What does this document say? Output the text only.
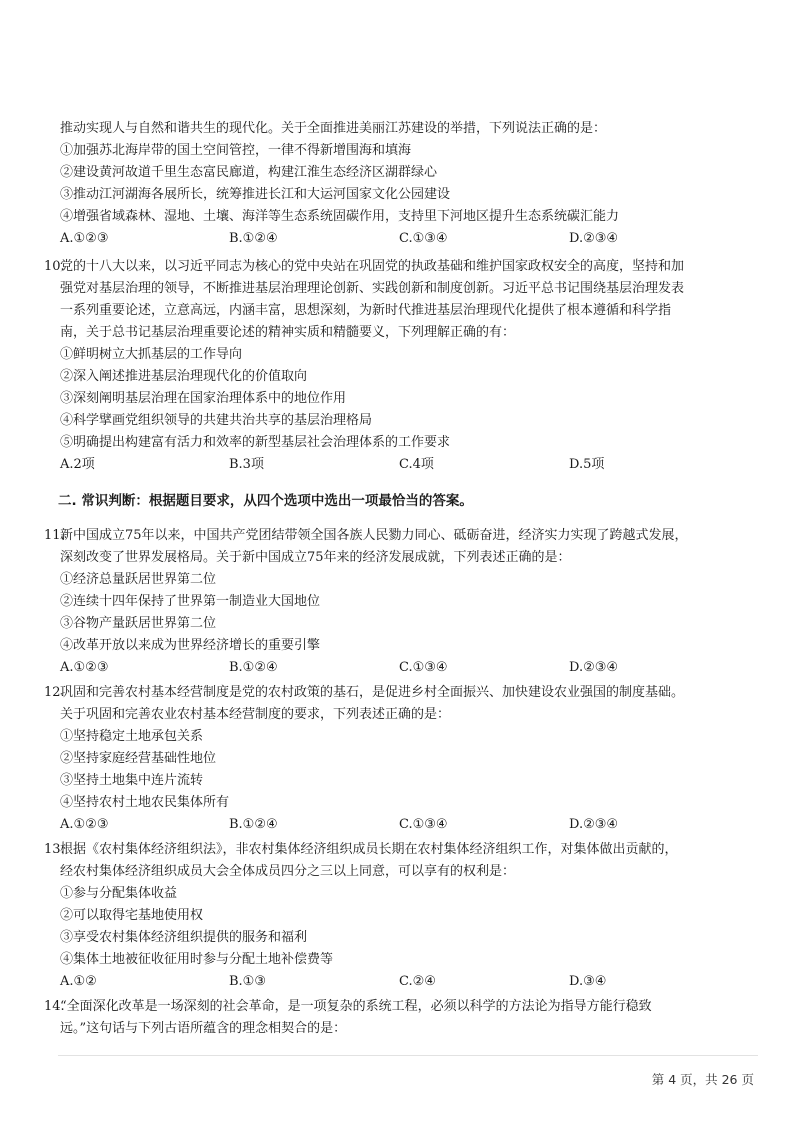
推动实现人与自然和谐共生的现代化。关于全面推进美丽江苏建设的举措，下列说法正确的是：
①加强苏北海岸带的国土空间管控，一律不得新增围海和填海
②建设黄河故道千里生态富民廊道，构建江淮生态经济区湖群绿心
③推动江河湖海各展所长，统筹推进长江和大运河国家文化公园建设
④增强省域森林、湿地、土壤、海洋等生态系统固碳作用，支持里下河地区提升生态系统碳汇能力
A.①②③	B.①②④	C.①③④	D.②③④
10.
党的十八大以来，以习近平同志为核心的党中央站在巩固党的执政基础和维护国家政权安全的高度，坚持和加
强党对基层治理的领导，不断推进基层治理理论创新、实践创新和制度创新。习近平总书记围绕基层治理发表
一系列重要论述，立意高远，内涵丰富，思想深刻，为新时代推进基层治理现代化提供了根本遵循和科学指
南，关于总书记基层治理重要论述的精神实质和精髓要义，下列理解正确的有：
①鲜明树立大抓基层的工作导向
②深入阐述推进基层治理现代化的价值取向
③深刻阐明基层治理在国家治理体系中的地位作用
④科学擘画党组织领导的共建共治共享的基层治理格局
⑤明确提出构建富有活力和效率的新型基层社会治理体系的工作要求
A.2项	B.3项	C.4项	D.5项
二. 常识判断：根据题目要求，从四个选项中选出一项最恰当的答案。
11.
新中国成立75年以来，中国共产党团结带领全国各族人民勠力同心、砥砺奋进，经济实力实现了跨越式发展，
深刻改变了世界发展格局。关于新中国成立75年来的经济发展成就，下列表述正确的是：
①经济总量跃居世界第二位
②连续十四年保持了世界第一制造业大国地位
③谷物产量跃居世界第二位
④改革开放以来成为世界经济增长的重要引擎
A.①②③	B.①②④	C.①③④	D.②③④
12.
巩固和完善农村基本经营制度是党的农村政策的基石，是促进乡村全面振兴、加快建设农业强国的制度基础。
关于巩固和完善农业农村基本经营制度的要求，下列表述正确的是：
①坚持稳定土地承包关系
②坚持家庭经营基础性地位
③坚持土地集中连片流转
④坚持农村土地农民集体所有
A.①②③	B.①②④	C.①③④	D.②③④
13.
根据《农村集体经济组织法》，非农村集体经济组织成员长期在农村集体经济组织工作，对集体做出贡献的，
经农村集体经济组织成员大会全体成员四分之三以上同意，可以享有的权利是：
①参与分配集体收益
②可以取得宅基地使用权
③享受农村集体经济组织提供的服务和福利
④集体土地被征收征用时参与分配土地补偿费等
A.①②	B.①③	C.②④	D.③④
14.
“全面深化改革是一场深刻的社会革命，是一项复杂的系统工程，必须以科学的方法论为指导方能行稳致
远。”这句话与下列古语所蕴含的理念相契合的是：
第 4 页，共 26 页
